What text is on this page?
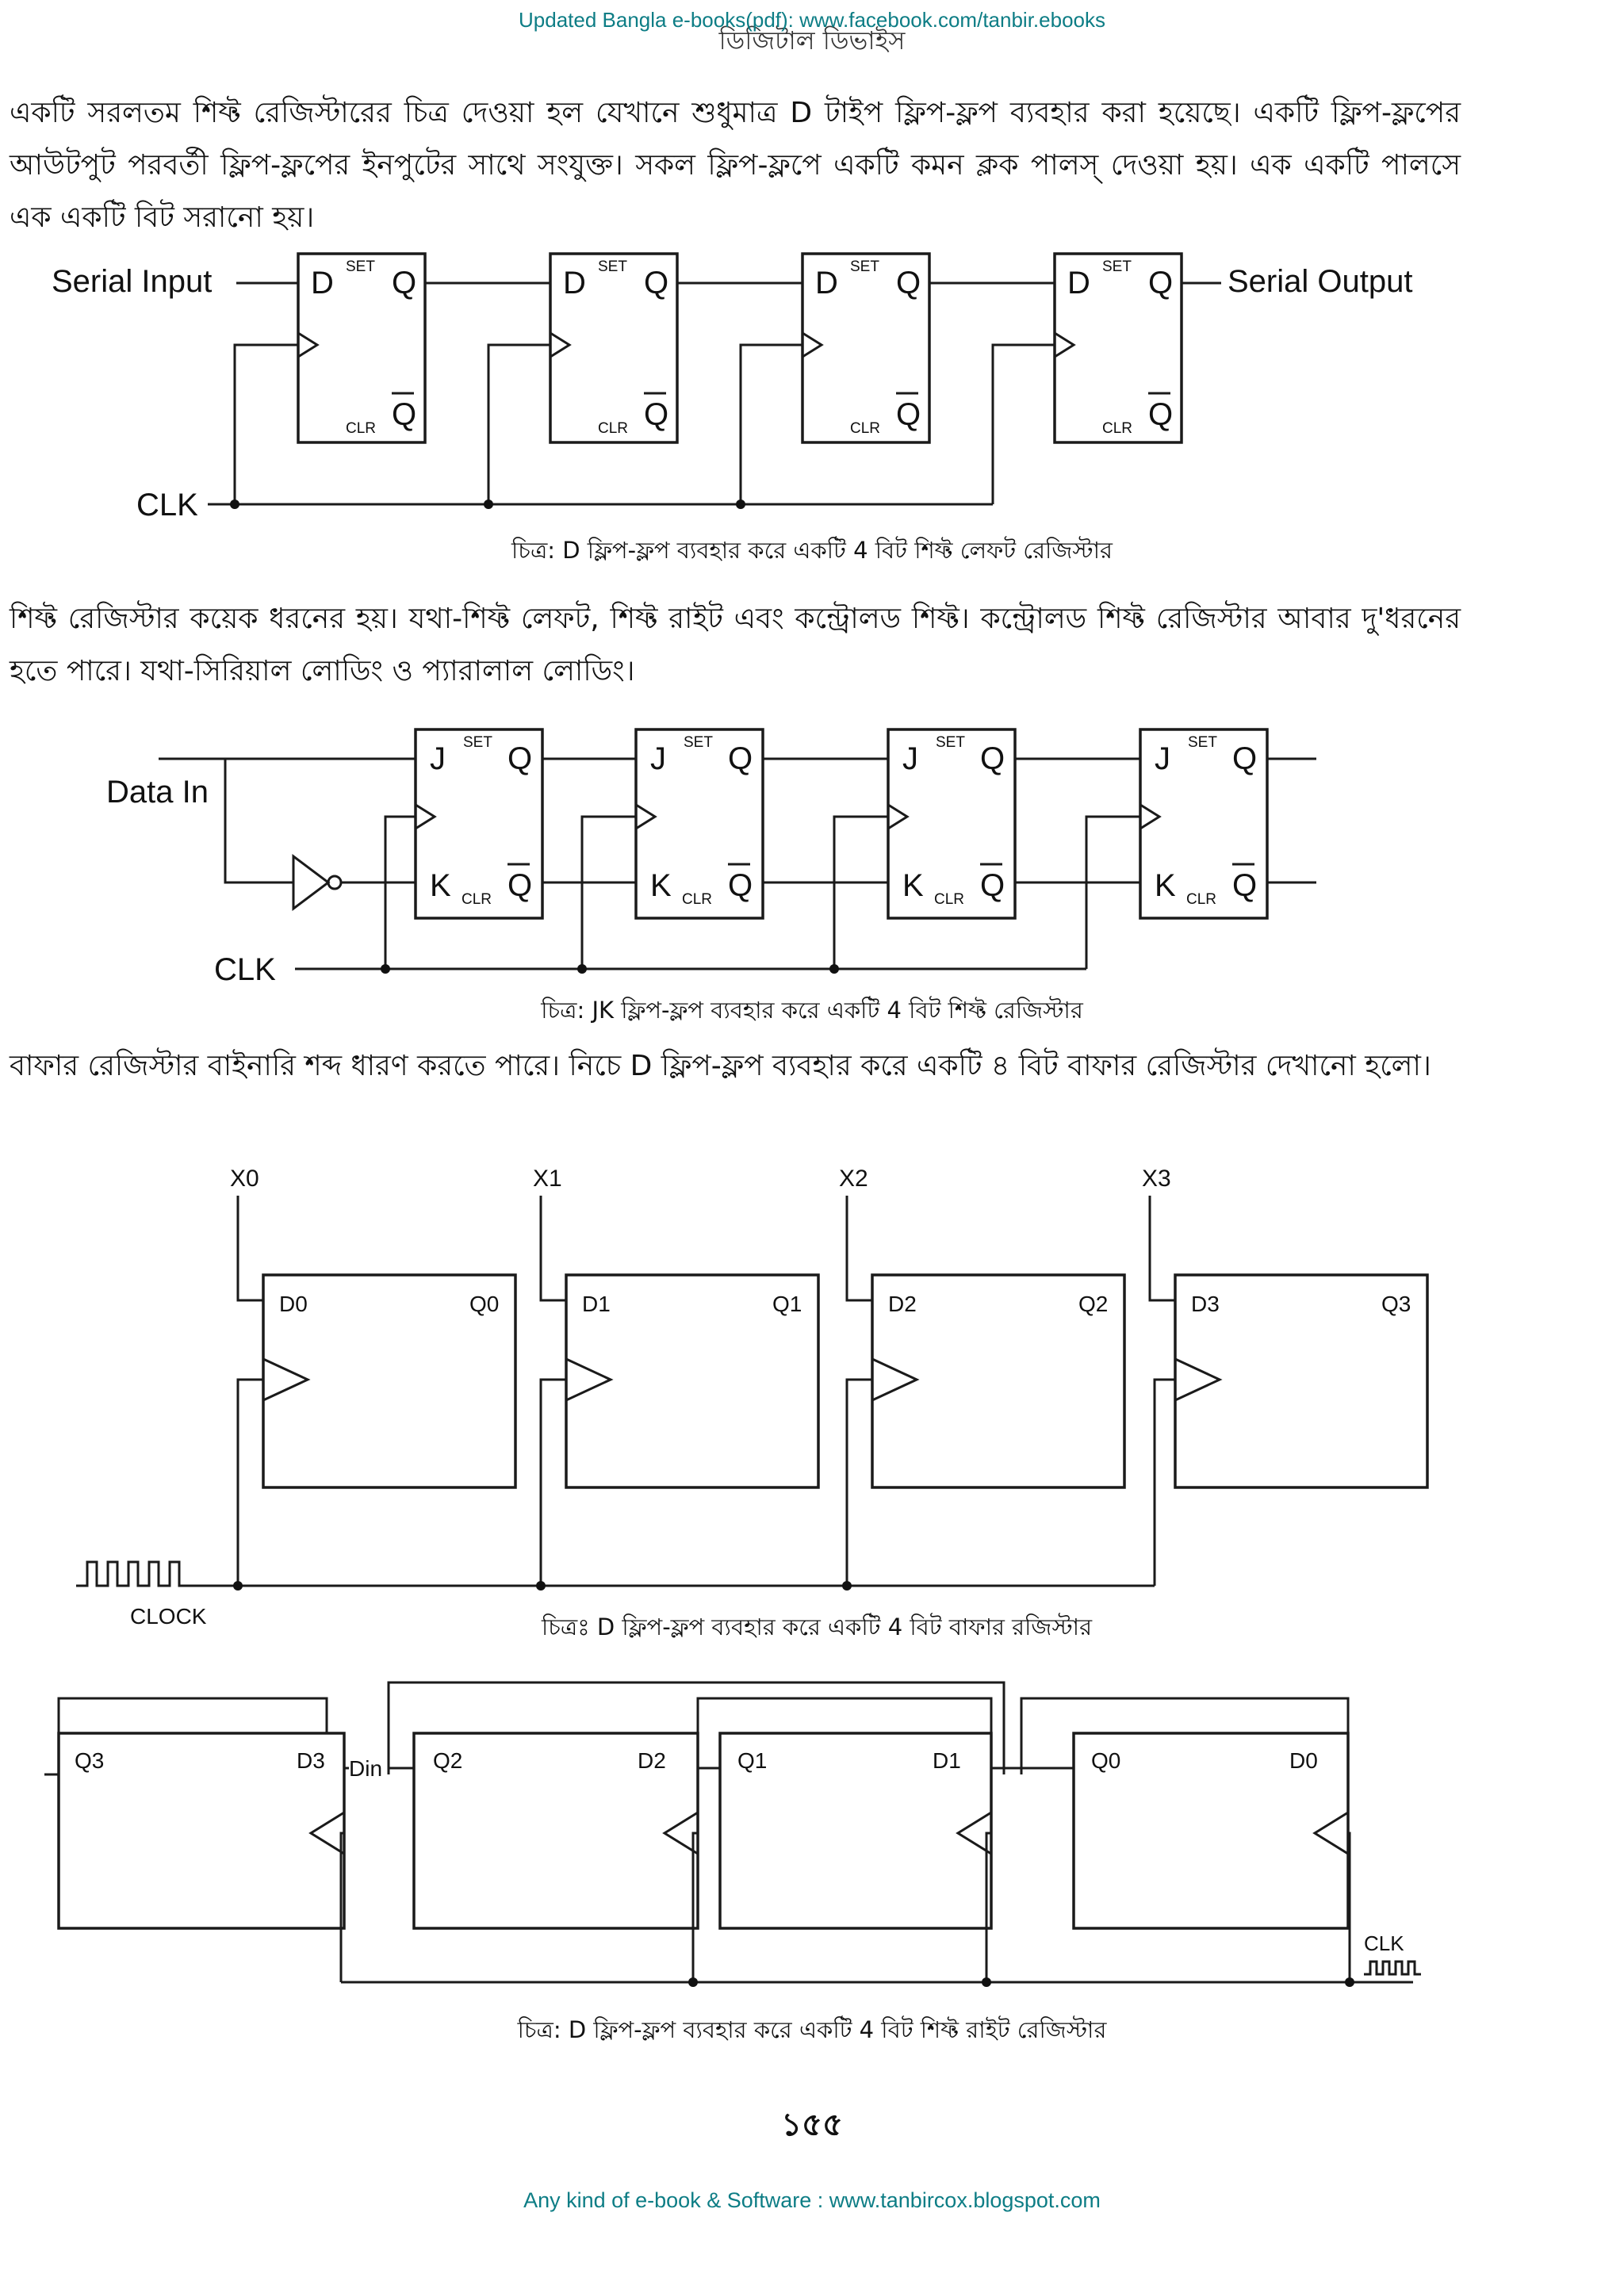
ডিজিটাল ডিভাইস
Updated Bangla e-books(pdf): www.facebook.com/tanbir.ebooks
একটি সরলতম শিফ্ট রেজিস্টারের চিত্র দেওয়া হল যেখানে শুধুমাত্র D টাইপ ফ্লিপ-ফ্লপ ব্যবহার করা হয়েছে। একটি ফ্লিপ-ফ্লপের আউটপুট পরবর্তী ফ্লিপ-ফ্লপের ইনপুটের সাথে সংযুক্ত। সকল ফ্লিপ-ফ্লপে একটি কমন ক্লক পালস্ দেওয়া হয়। এক একটি পালসে এক একটি বিট সরানো হয়।
Serial Input	D SET Q
CLR Q
D SET Q
CLR Q
D SET Q
CLR Q
D SET Q
CLR Q
Serial Output
CLK
চিত্র: D ফ্লিপ-ফ্লপ ব্যবহার করে একটি 4 বিট শিফ্ট লেফট রেজিস্টার
শিফ্ট রেজিস্টার কয়েক ধরনের হয়। যথা-শিফ্ট লেফট, শিফ্ট রাইট এবং কন্ট্রোলড শিফ্ট। কন্ট্রোলড শিফ্ট রেজিস্টার আবার দু'ধরনের হতে পারে। যথা-সিরিয়াল লোডিং ও প্যারালাল লোডিং।
Data In
J SET Q
K CLR Q
J SET Q
K CLR Q
J SET Q
K CLR Q
J SET Q
K CLR Q
CLK
চিত্র: JK ফ্লিপ-ফ্লপ ব্যবহার করে একটি 4 বিট শিফ্ট রেজিস্টার
বাফার রেজিস্টার বাইনারি শব্দ ধারণ করতে পারে। নিচে D ফ্লিপ-ফ্লপ ব্যবহার করে একটি ৪ বিট বাফার রেজিস্টার দেখানো হলো।
X0	X1	X2	X3
D0	Q0	D1	Q1	D2	Q2	D3	Q3
CLOCK	চিত্রঃ D ফ্লিপ-ফ্লপ ব্যবহার করে একটি 4 বিট বাফার রজিস্টার
Q3	D3	Q2	D2	Q1	D1	Q0	D0
Din
CLK
চিত্র: D ফ্লিপ-ফ্লপ ব্যবহার করে একটি 4 বিট শিফ্ট রাইট রেজিস্টার
১৫৫
Any kind of e-book & Software : www.tanbircox.blogspot.com
